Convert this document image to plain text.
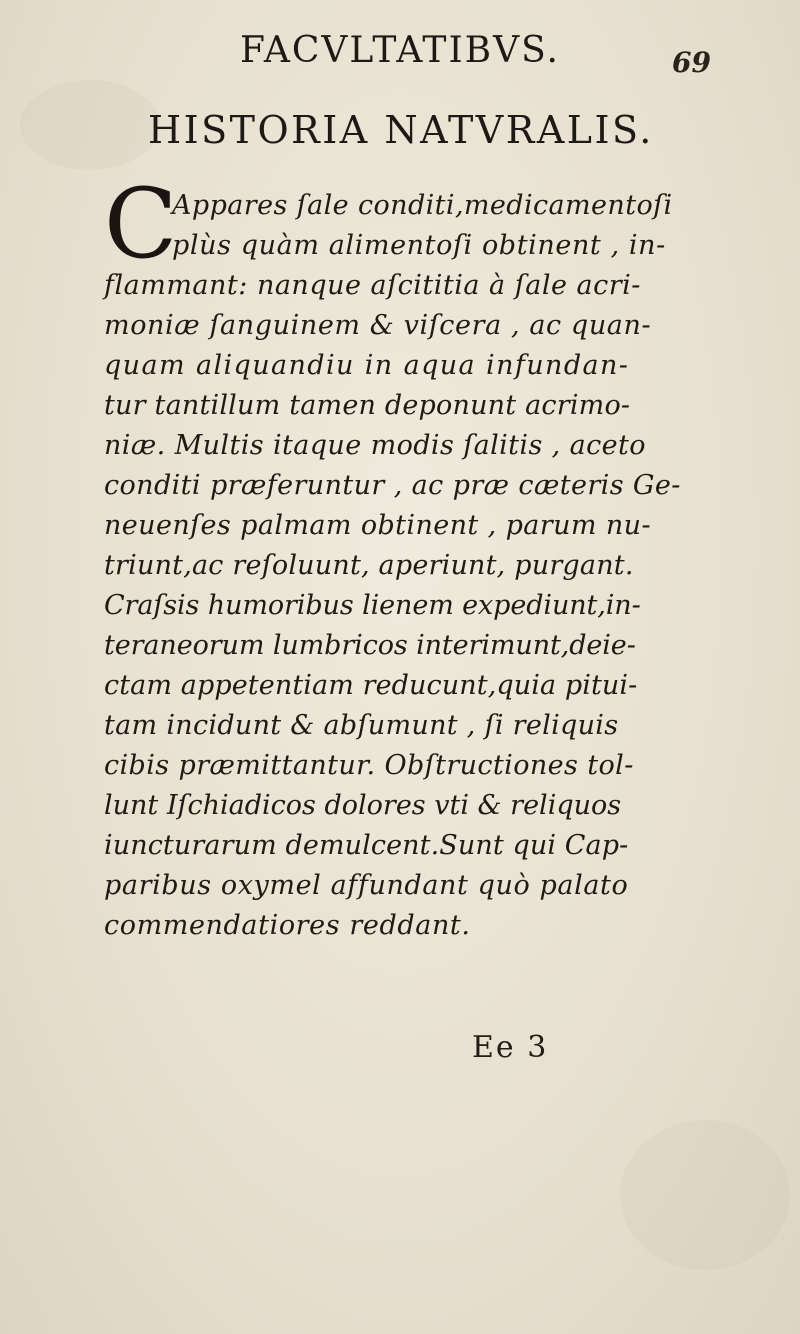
FACVLTATIBVS.	69
HISTORIA NATVRALIS.
C
Appares ſale conditi,medicamentoſi
plùs quàm alimentoſi obtinent , in-
flammant: nanque aſcititia à ſale acri-
moniæ ſanguinem & viſcera , ac quan-
quam aliquandiu in aqua infundan-
tur tantillum tamen deponunt acrimo-
niæ. Multis itaque modis ſalitis , aceto
conditi præferuntur , ac præ cæteris Ge-
neuenſes palmam obtinent , parum nu-
triunt,ac reſoluunt, aperiunt, purgant.
Craſsis humoribus lienem expediunt,in-
teraneorum lumbricos interimunt,deie-
ctam appetentiam reducunt,quia pitui-
tam incidunt & abſumunt , ſi reliquis
cibis præmittantur. Obſtructiones tol-
lunt Iſchiadicos dolores vti & reliquos
iuncturarum demulcent.Sunt qui Cap-
paribus oxymel affundant quò palato
commendatiores reddant.
Ee 3
